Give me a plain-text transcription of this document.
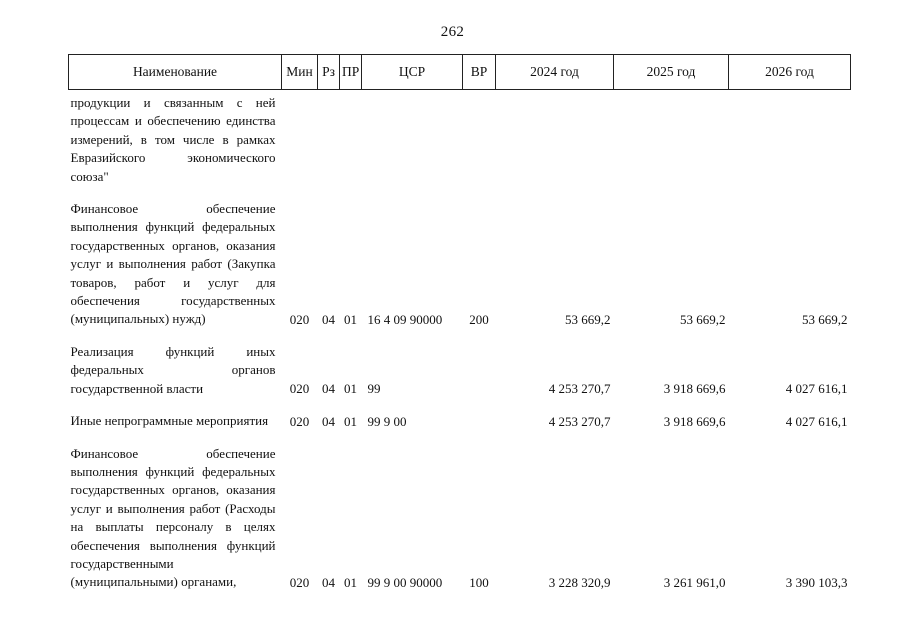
262
Наименование	Мин	Рз	ПР	ЦСР	ВР	2024 год	2025 год	2026 год
продукции и связанным с ней процессам и обеспечению единства измерений, в том числе в рамках Евразийского экономического союза"								
Финансовое обеспечение выполнения функций федеральных государственных органов, оказания услуг и выполнения работ (Закупка товаров, работ и услуг для обеспечения государственных (муниципальных) нужд)	020	04	01	16 4 09 90000	200	53 669,2	53 669,2	53 669,2
Реализация функций иных федеральных органов государственной власти	020	04	01	99		4 253 270,7	3 918 669,6	4 027 616,1
Иные непрограммные мероприятия	020	04	01	99 9 00		4 253 270,7	3 918 669,6	4 027 616,1
Финансовое обеспечение выполнения функций федеральных государственных органов, оказания услуг и выполнения работ (Расходы на выплаты персоналу в целях обеспечения выполнения функций государственными (муниципальными) органами,	020	04	01	99 9 00 90000	100	3 228 320,9	3 261 961,0	3 390 103,3
